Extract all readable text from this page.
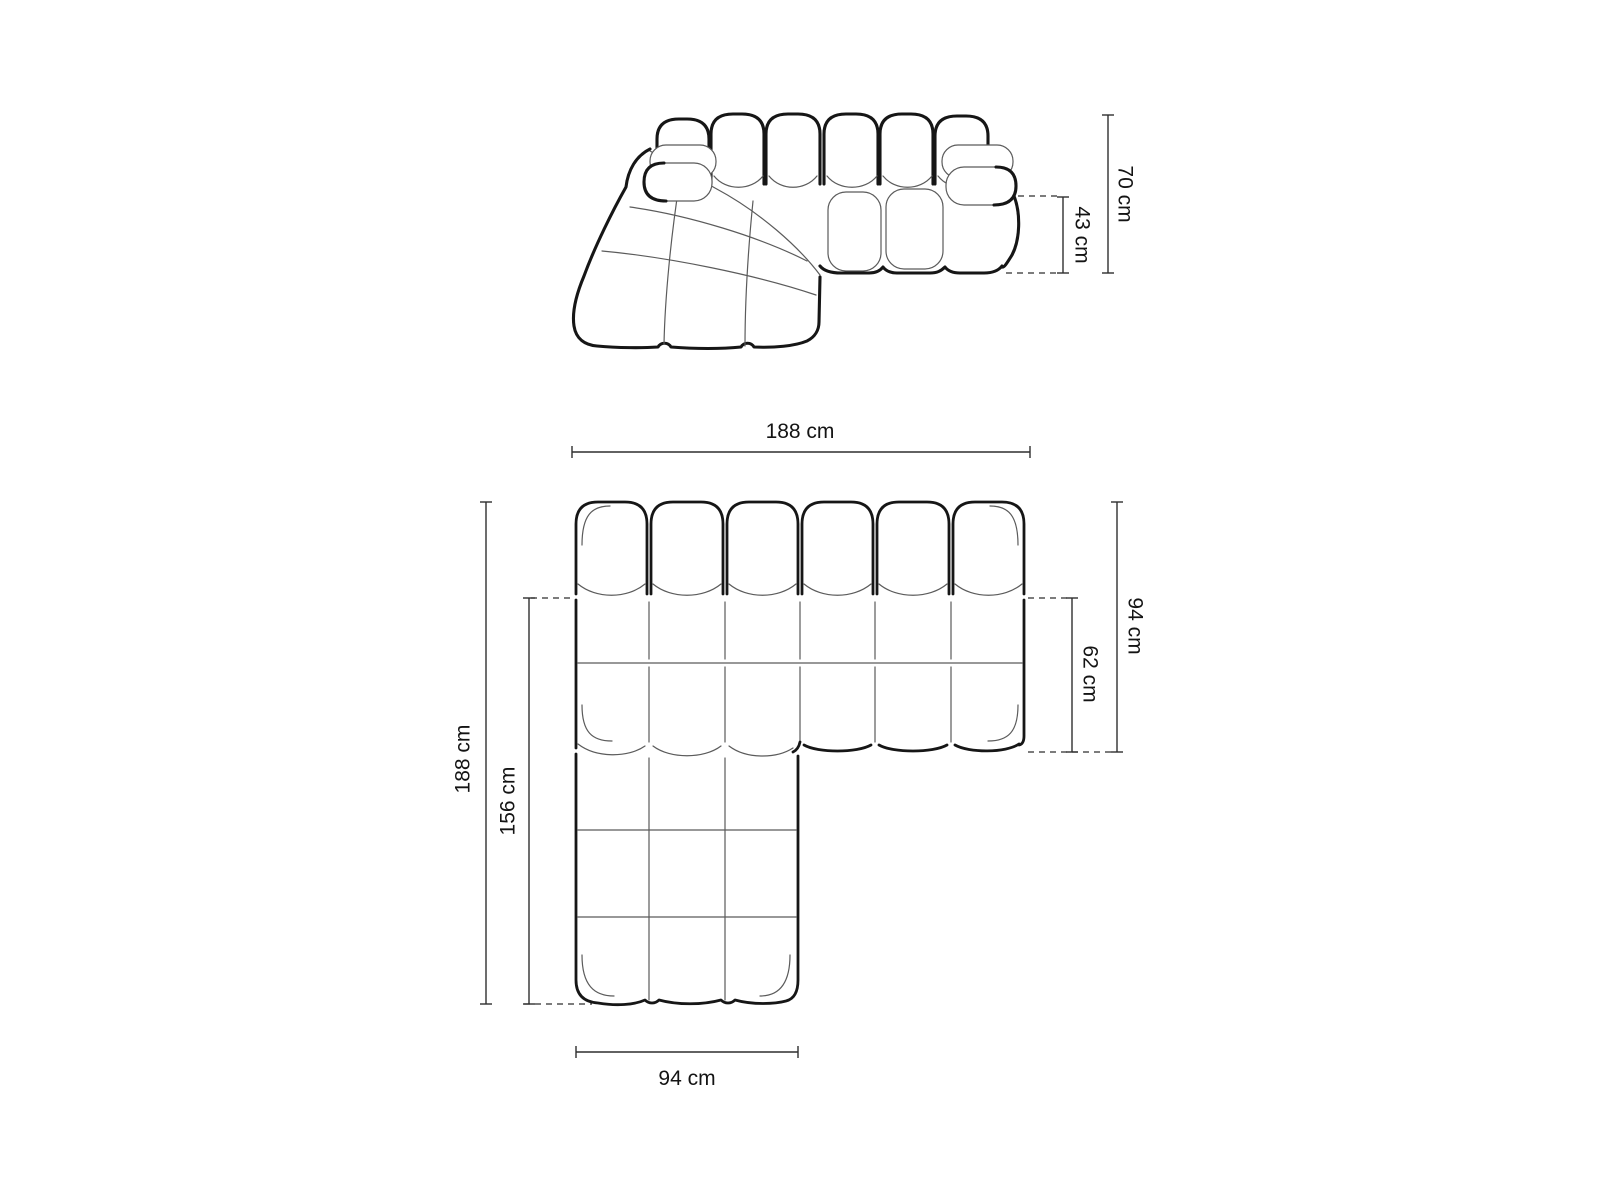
70 cm
43 cm
188 cm
94 cm
62 cm
188 cm
156 cm
94 cm
